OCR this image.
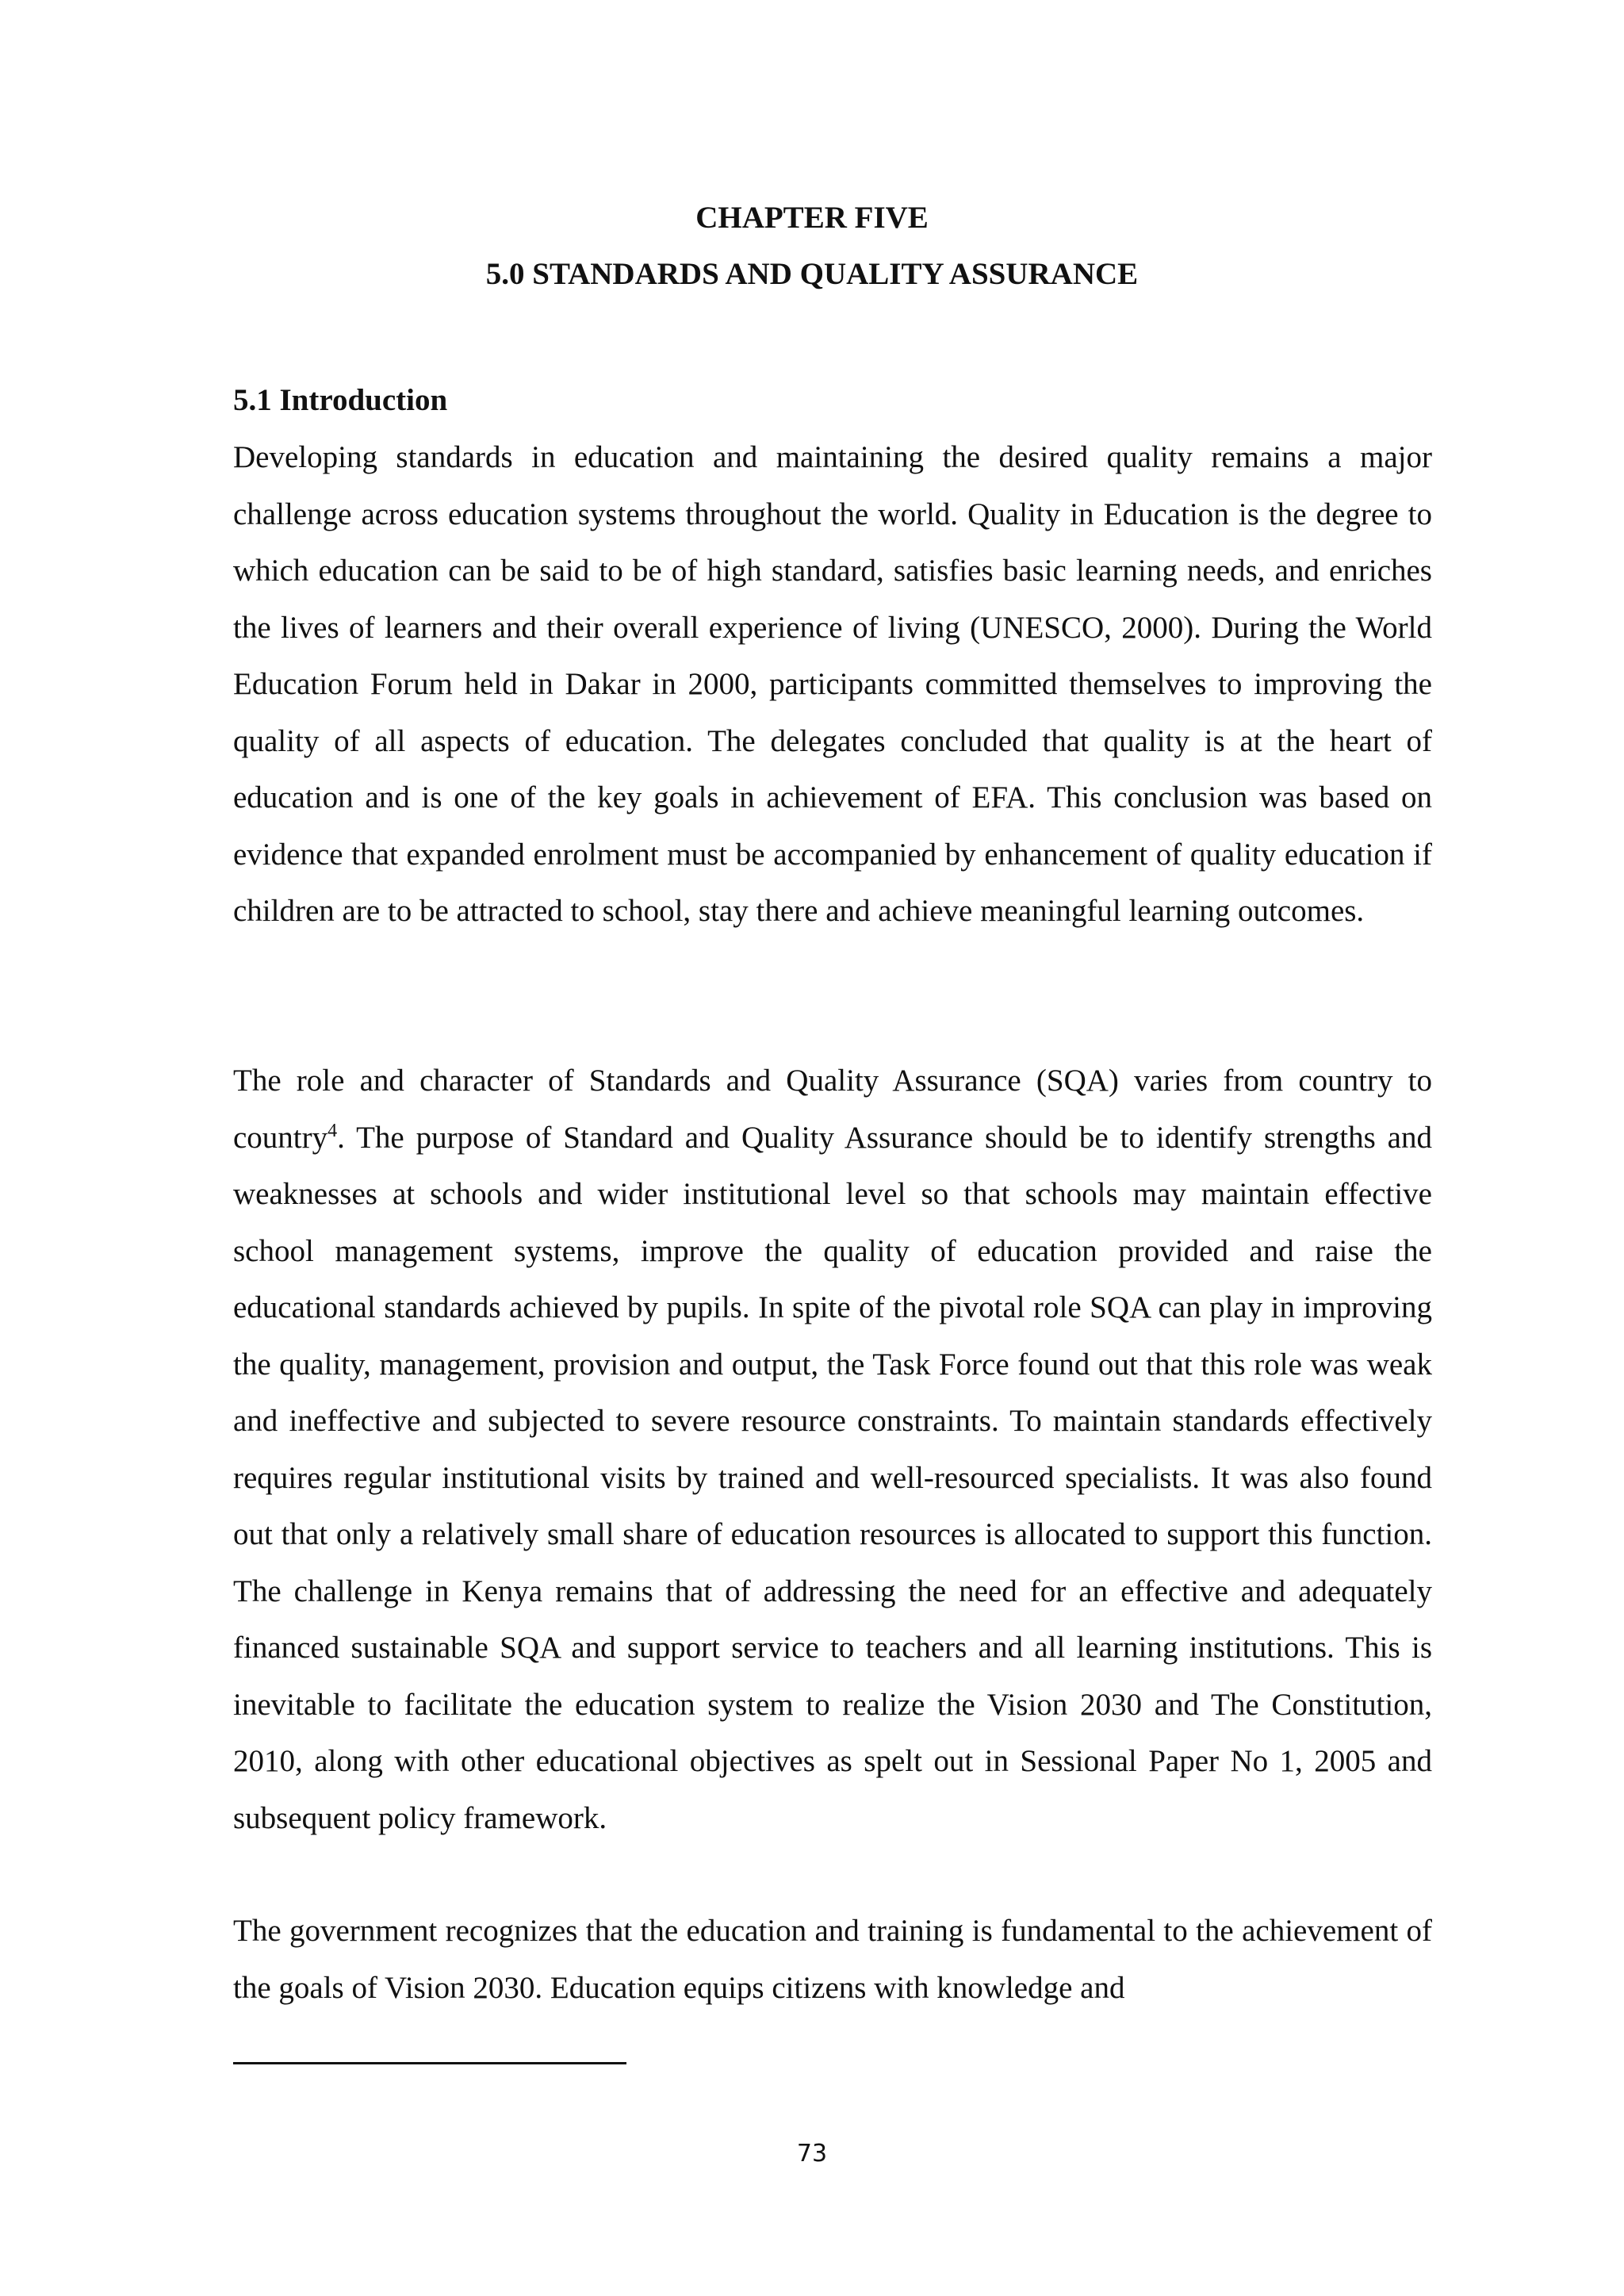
CHAPTER FIVE
5.0 STANDARDS AND QUALITY ASSURANCE
5.1 Introduction

Developing standards in education and maintaining the desired quality remains a major challenge across education systems throughout the world. Quality in Education is the degree to which education can be said to be of high standard, satisfies basic learning needs, and enriches the lives of learners and their overall experience of living (UNESCO, 2000). During the World Education Forum held in Dakar in 2000, participants committed themselves to improving the quality of all aspects of education. The delegates concluded that quality is at the heart of education and is one of the key goals in achievement of EFA. This conclusion was based on evidence that expanded enrolment must be accompanied by enhancement of quality education if children are to be attracted to school, stay there and achieve meaningful learning outcomes.

The role and character of Standards and Quality Assurance (SQA) varies from country to country$^4$. The purpose of Standard and Quality Assurance should be to identify strengths and weaknesses at schools and wider institutional level so that schools may maintain effective school management systems, improve the quality of education provided and raise the educational standards achieved by pupils. In spite of the pivotal role SQA can play in improving the quality, management, provision and output, the Task Force found out that this role was weak and ineffective and subjected to severe resource constraints. To maintain standards effectively requires regular institutional visits by trained and well-resourced specialists. It was also found out that only a relatively small share of education resources is allocated to support this function. The challenge in Kenya remains that of addressing the need for an effective and adequately financed sustainable SQA and support service to teachers and all learning institutions. This is inevitable to facilitate the education system to realize the Vision 2030 and The Constitution, 2010, along with other educational objectives as spelt out in Sessional Paper No 1, 2005 and subsequent policy framework.

The government recognizes that the education and training is fundamental to the achievement of the goals of Vision 2030. Education equips citizens with knowledge and

73
